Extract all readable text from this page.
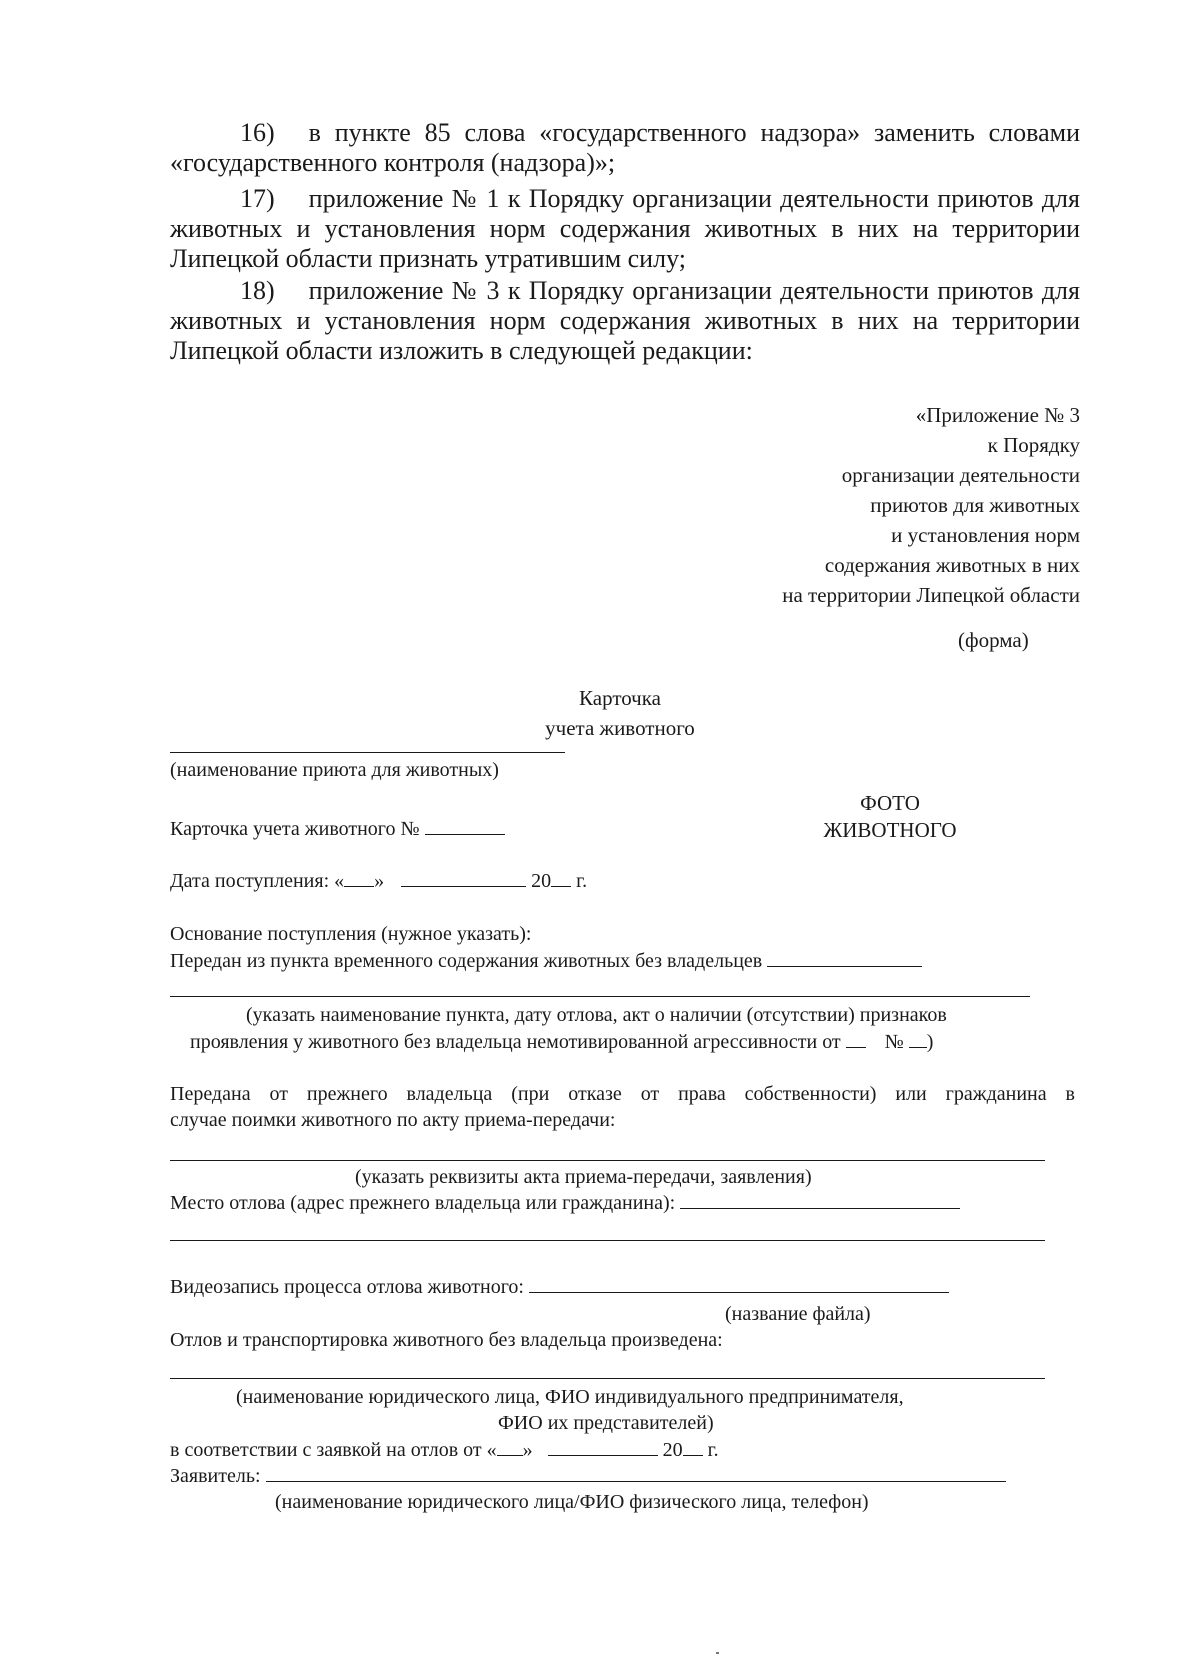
16) в пункте 85 слова «государственного надзора» заменить словами «государственного контроля (надзора)»;
17) приложение № 1 к Порядку организации деятельности приютов для животных и установления норм содержания животных в них на территории Липецкой области признать утратившим силу;
18) приложение № 3 к Порядку организации деятельности приютов для животных и установления норм содержания животных в них на территории Липецкой области изложить в следующей редакции:
«Приложение № 3
к Порядку
организации деятельности
приютов для животных
и установления норм
содержания животных в них
на территории Липецкой области
(форма)
Карточка
учета животного
(наименование приюта для животных)
ФОТО
ЖИВОТНОГО
Карточка учета животного №
Дата поступления: « »	20 г.
Основание поступления (нужное указать):
Передан из пункта временного содержания животных без владельцев
(указать наименование пункта, дату отлова, акт о наличии (отсутствии) признаков
проявления у животного без владельца немотивированной агрессивности от № )
Передана от прежнего владельца (при отказе от права собственности) или гражданина в
случае поимки животного по акту приема-передачи:
(указать реквизиты акта приема-передачи, заявления)
Место отлова (адрес прежнего владельца или гражданина):
Видеозапись процесса отлова животного:
(название файла)
Отлов и транспортировка животного без владельца произведена:
(наименование юридического лица, ФИО индивидуального предпринимателя,
ФИО их представителей)
в соответствии с заявкой на отлов от « »	20 г.
Заявитель:
(наименование юридического лица/ФИО физического лица, телефон)
